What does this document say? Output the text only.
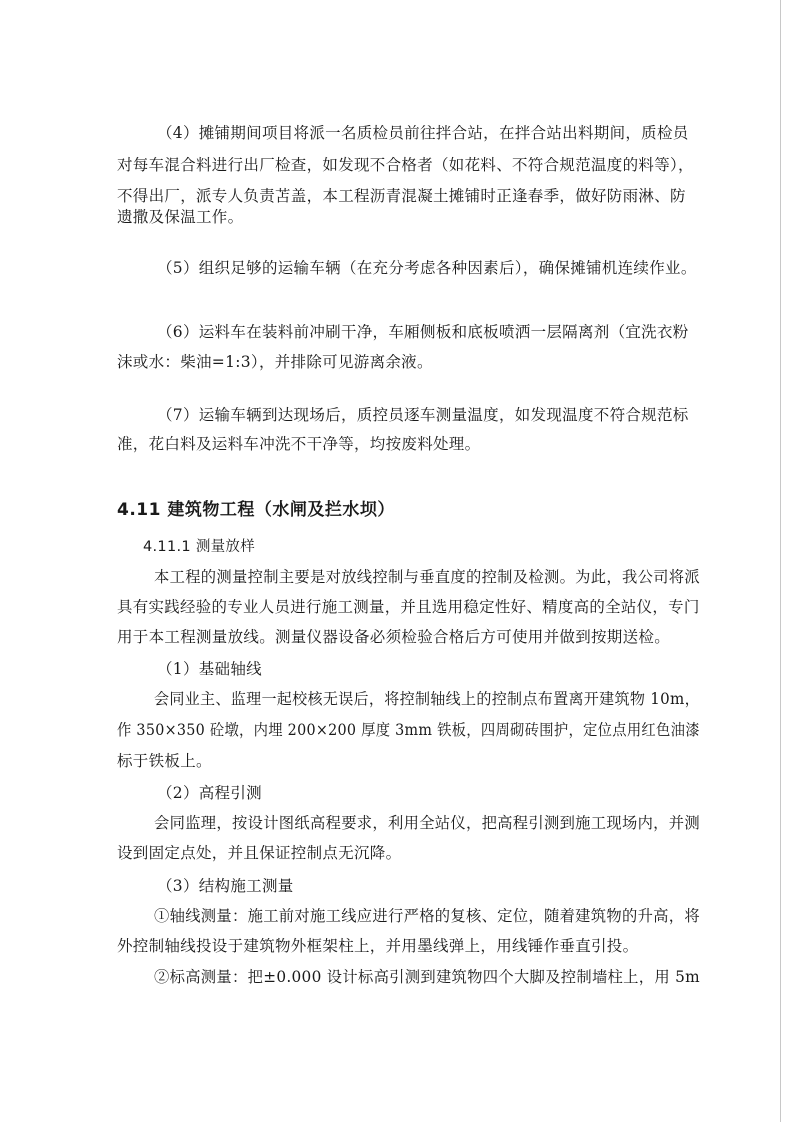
（4）摊铺期间项目将派一名质检员前往拌合站，在拌合站出料期间，质检员
对每车混合料进行出厂检查，如发现不合格者（如花料、不符合规范温度的料等），
不得出厂，派专人负责苫盖，本工程沥青混凝土摊铺时正逢春季，做好防雨淋、防
遗撒及保温工作。
（5）组织足够的运输车辆（在充分考虑各种因素后），确保摊铺机连续作业。
（6）运料车在装料前冲刷干净，车厢侧板和底板喷洒一层隔离剂（宜洗衣粉
沫或水：柴油=1:3），并排除可见游离余液。
（7）运输车辆到达现场后，质控员逐车测量温度，如发现温度不符合规范标
准，花白料及运料车冲洗不干净等，均按废料处理。
4.11 建筑物工程（水闸及拦水坝）
4.11.1 测量放样
本工程的测量控制主要是对放线控制与垂直度的控制及检测。为此，我公司将派
具有实践经验的专业人员进行施工测量，并且选用稳定性好、精度高的全站仪，专门
用于本工程测量放线。测量仪器设备必须检验合格后方可使用并做到按期送检。
（1）基础轴线
会同业主、监理一起校核无误后，将控制轴线上的控制点布置离开建筑物 10m，
作 350×350 砼墩，内埋 200×200 厚度 3mm 铁板，四周砌砖围护，定位点用红色油漆
标于铁板上。
（2）高程引测
会同监理，按设计图纸高程要求，利用全站仪，把高程引测到施工现场内，并测
设到固定点处，并且保证控制点无沉降。
（3）结构施工测量
①轴线测量：施工前对施工线应进行严格的复核、定位，随着建筑物的升高，将
外控制轴线投设于建筑物外框架柱上，并用墨线弹上，用线锤作垂直引投。
②标高测量：把±0.000 设计标高引测到建筑物四个大脚及控制墙柱上，用 5m
